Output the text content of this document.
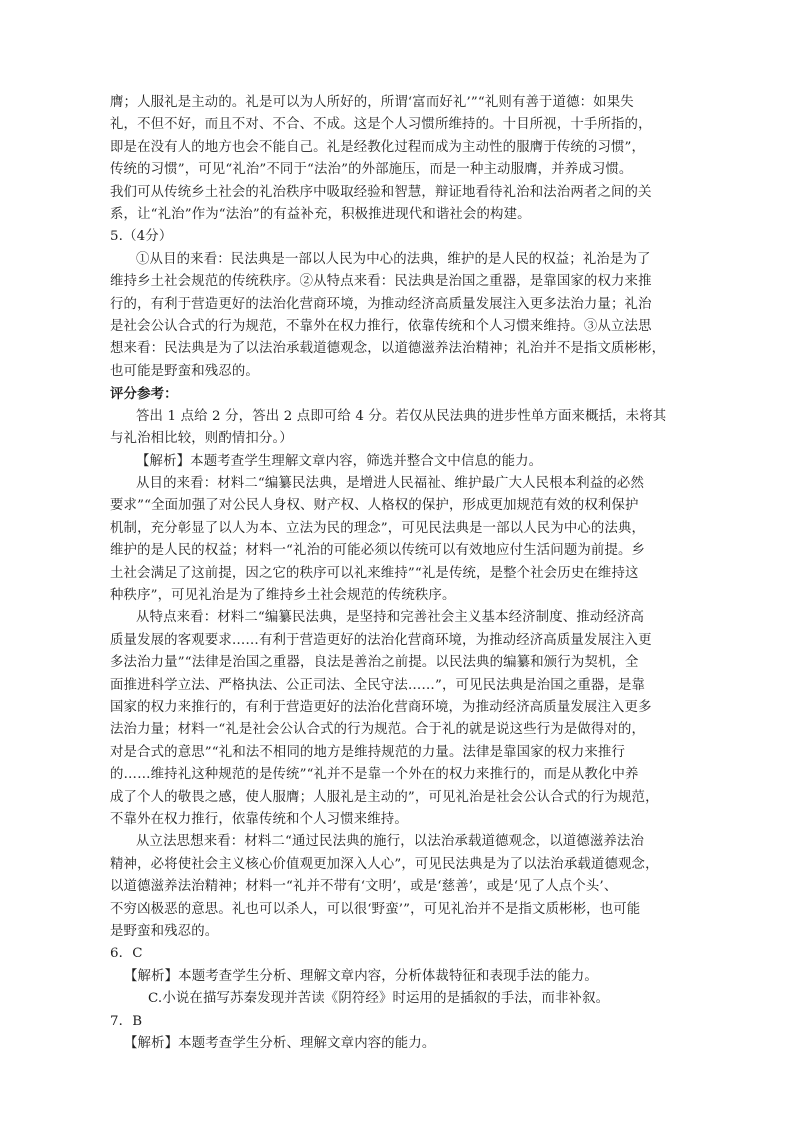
膺；人服礼是主动的。礼是可以为人所好的，所谓‘富而好礼’”“礼则有善于道德：如果失
礼，不但不好，而且不对、不合、不成。这是个人习惯所维持的。十目所视，十手所指的，
即是在没有人的地方也会不能自己。礼是经教化过程而成为主动性的服膺于传统的习惯”，
传统的习惯”，可见“礼治”不同于“法治”的外部施压，而是一种主动服膺，并养成习惯。
我们可从传统乡土社会的礼治秩序中吸取经验和智慧，辩证地看待礼治和法治两者之间的关
系，让“礼治”作为“法治”的有益补充，积极推进现代和谐社会的构建。
5.（4分）
①从目的来看：民法典是一部以人民为中心的法典，维护的是人民的权益；礼治是为了
维持乡土社会规范的传统秩序。②从特点来看：民法典是治国之重器，是靠国家的权力来推
行的，有利于营造更好的法治化营商环境，为推动经济高质量发展注入更多法治力量；礼治
是社会公认合式的行为规范，不靠外在权力推行，依靠传统和个人习惯来维持。③从立法思
想来看：民法典是为了以法治承载道德观念，以道德滋养法治精神；礼治并不是指文质彬彬，
也可能是野蛮和残忍的。
评分参考：
答出 1 点给 2 分，答出 2 点即可给 4 分。若仅从民法典的进步性单方面来概括，未将其
与礼治相比较，则酌情扣分。）
【解析】本题考查学生理解文章内容，筛选并整合文中信息的能力。
从目的来看：材料二“编纂民法典，是增进人民福祉、维护最广大人民根本利益的必然
要求”“全面加强了对公民人身权、财产权、人格权的保护，形成更加规范有效的权利保护
机制，充分彰显了以人为本、立法为民的理念”，可见民法典是一部以人民为中心的法典，
维护的是人民的权益；材料一“礼治的可能必须以传统可以有效地应付生活问题为前提。乡
土社会满足了这前提，因之它的秩序可以礼来维持”“礼是传统，是整个社会历史在维持这
种秩序”，可见礼治是为了维持乡土社会规范的传统秩序。
从特点来看：材料二“编纂民法典，是坚持和完善社会主义基本经济制度、推动经济高
质量发展的客观要求……有利于营造更好的法治化营商环境，为推动经济高质量发展注入更
多法治力量”“法律是治国之重器，良法是善治之前提。以民法典的编纂和颁行为契机，全
面推进科学立法、严格执法、公正司法、全民守法……”，可见民法典是治国之重器，是靠
国家的权力来推行的，有利于营造更好的法治化营商环境，为推动经济高质量发展注入更多
法治力量；材料一“礼是社会公认合式的行为规范。合于礼的就是说这些行为是做得对的，
对是合式的意思”“礼和法不相同的地方是维持规范的力量。法律是靠国家的权力来推行
的……维持礼这种规范的是传统”“礼并不是靠一个外在的权力来推行的，而是从教化中养
成了个人的敬畏之感，使人服膺；人服礼是主动的”，可见礼治是社会公认合式的行为规范，
不靠外在权力推行，依靠传统和个人习惯来维持。
从立法思想来看：材料二“通过民法典的施行，以法治承载道德观念，以道德滋养法治
精神，必将使社会主义核心价值观更加深入人心”，可见民法典是为了以法治承载道德观念，
以道德滋养法治精神；材料一“礼并不带有‘文明’，或是‘慈善’，或是‘见了人点个头’、
不穷凶极恶的意思。礼也可以杀人，可以很‘野蛮’”，可见礼治并不是指文质彬彬，也可能
是野蛮和残忍的。
6．C
【解析】本题考查学生分析、理解文章内容，分析体裁特征和表现手法的能力。
C.小说在描写苏秦发现并苦读《阴符经》时运用的是插叙的手法，而非补叙。
7．B
【解析】本题考查学生分析、理解文章内容的能力。
